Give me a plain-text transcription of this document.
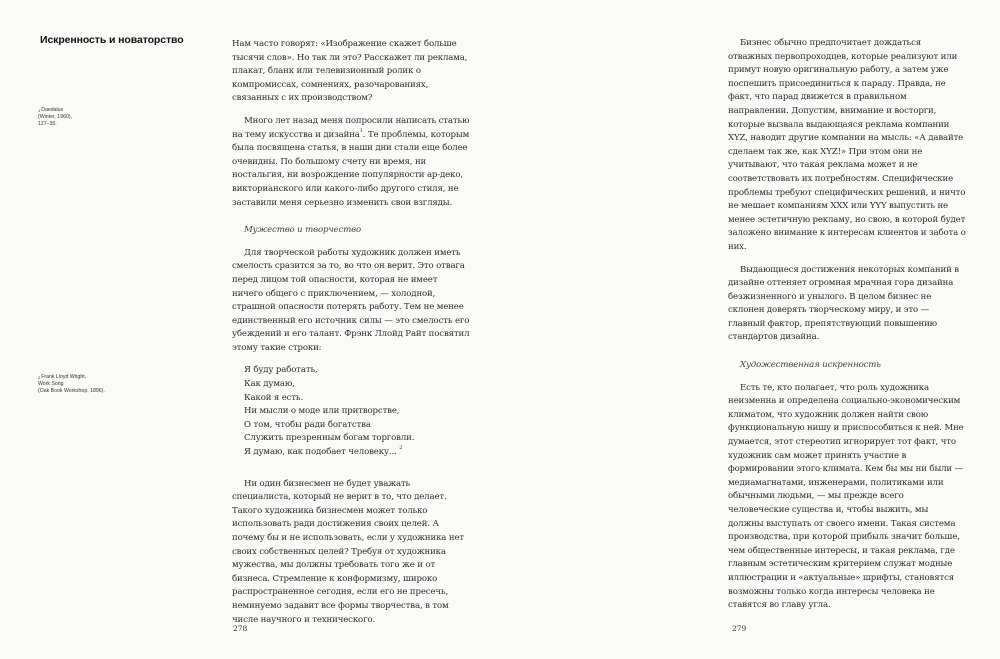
Искренность и новаторство
$^1$Daedalus
(Winter, 1960),
127–35.
$^2$Frank Lloyd Wright,
Work Song
(Oak Book Workshop, 1896).

Нам часто говорят: «Изображение скажет больше тысячи слов». Но так ли это? Расскажет ли реклама, плакат, бланк или телевизионный ролик о компромиссах, сомнениях, разочарованиях, связанных с их производством?

Много лет назад меня попросили написать статью на тему искусства и дизайна$^1$. Те проблемы, которым была посвящена статья, в наши дни стали еще более очевидны. По большому счету ни время, ни ностальгия, ни возрождение популярности ар-деко, викторианского или какого-либо другого стиля, не заставили меня серьезно изменить свои взгляды.

Мужество и творчество

Для творческой работы художник должен иметь смелость сразится за то, во что он верит. Это отвага перед лицом той опасности, которая не имеет ничего общего с приключением, — холодной, страшной опасности потерять работу. Тем не менее единственный его источник силы — это смелость его убеждений и его талант. Фрэнк Ллойд Райт посвятил этому такие строки:

Я буду работать,
Как думаю,
Какой я есть.
Ни мысли о моде или притворстве,
О том, чтобы ради богатства
Служить презренным богам торговли.
Я думаю, как подобает человеку... $^2$

Ни один бизнесмен не будет уважать специалиста, который не верит в то, что делает. Такого художника бизнесмен может только использовать ради достижения своих целей. А почему бы и не использовать, если у художника нет своих собственных целей? Требуя от художника мужества, мы должны требовать того же и от бизнеса. Стремление к конформизму, широко распространенное сегодня, если его не пресечь, неминуемо задавит все формы творчества, в том числе научного и технического.

278

Бизнес обычно предпочитает дождаться отважных первопроходцев, которые реализуют или примут новую оригинальную работу, а затем уже поспешить присоединиться к параду. Правда, не факт, что парад движется в правильном направлении. Допустим, внимание и восторги, которые вызвала выдающаяся реклама компании XYZ, наводит другие компании на мысль: «А давайте сделаем так же, как XYZ!» При этом они не учитывают, что такая реклама может и не соответствовать их потребностям. Специфические проблемы требуют специфических решений, и ничто не мешает компаниям XXX или YYY выпустить не менее эстетичную рекламу, но свою, в которой будет заложено внимание к интересам клиентов и забота о них.

Выдающиеся достижения некоторых компаний в дизайне оттеняет огромная мрачная гора дизайна безжизненного и унылого. В целом бизнес не склонен доверять творческому миру, и это — главный фактор, препятствующий повышению стандартов дизайна.

Художественная искренность

Есть те, кто полагает, что роль художника неизменна и определена социально-экономическим климатом, что художник должен найти свою функциональную нишу и приспособиться к ней. Мне думается, этот стереотип игнорирует тот факт, что художник сам может принять участие в формировании этого климата. Кем бы мы ни были — медиамагнатами, инженерами, политиками или обычными людьми, — мы прежде всего человеческие существа и, чтобы выжить, мы должны выступать от своего имени. Такая система производства, при которой прибыль значит больше, чем общественные интересы, и такая реклама, где главным эстетическим критерием служат модные иллюстрации и «актуальные» шрифты, становятся возможны только когда интересы человека не ставятся во главу угла.

279
